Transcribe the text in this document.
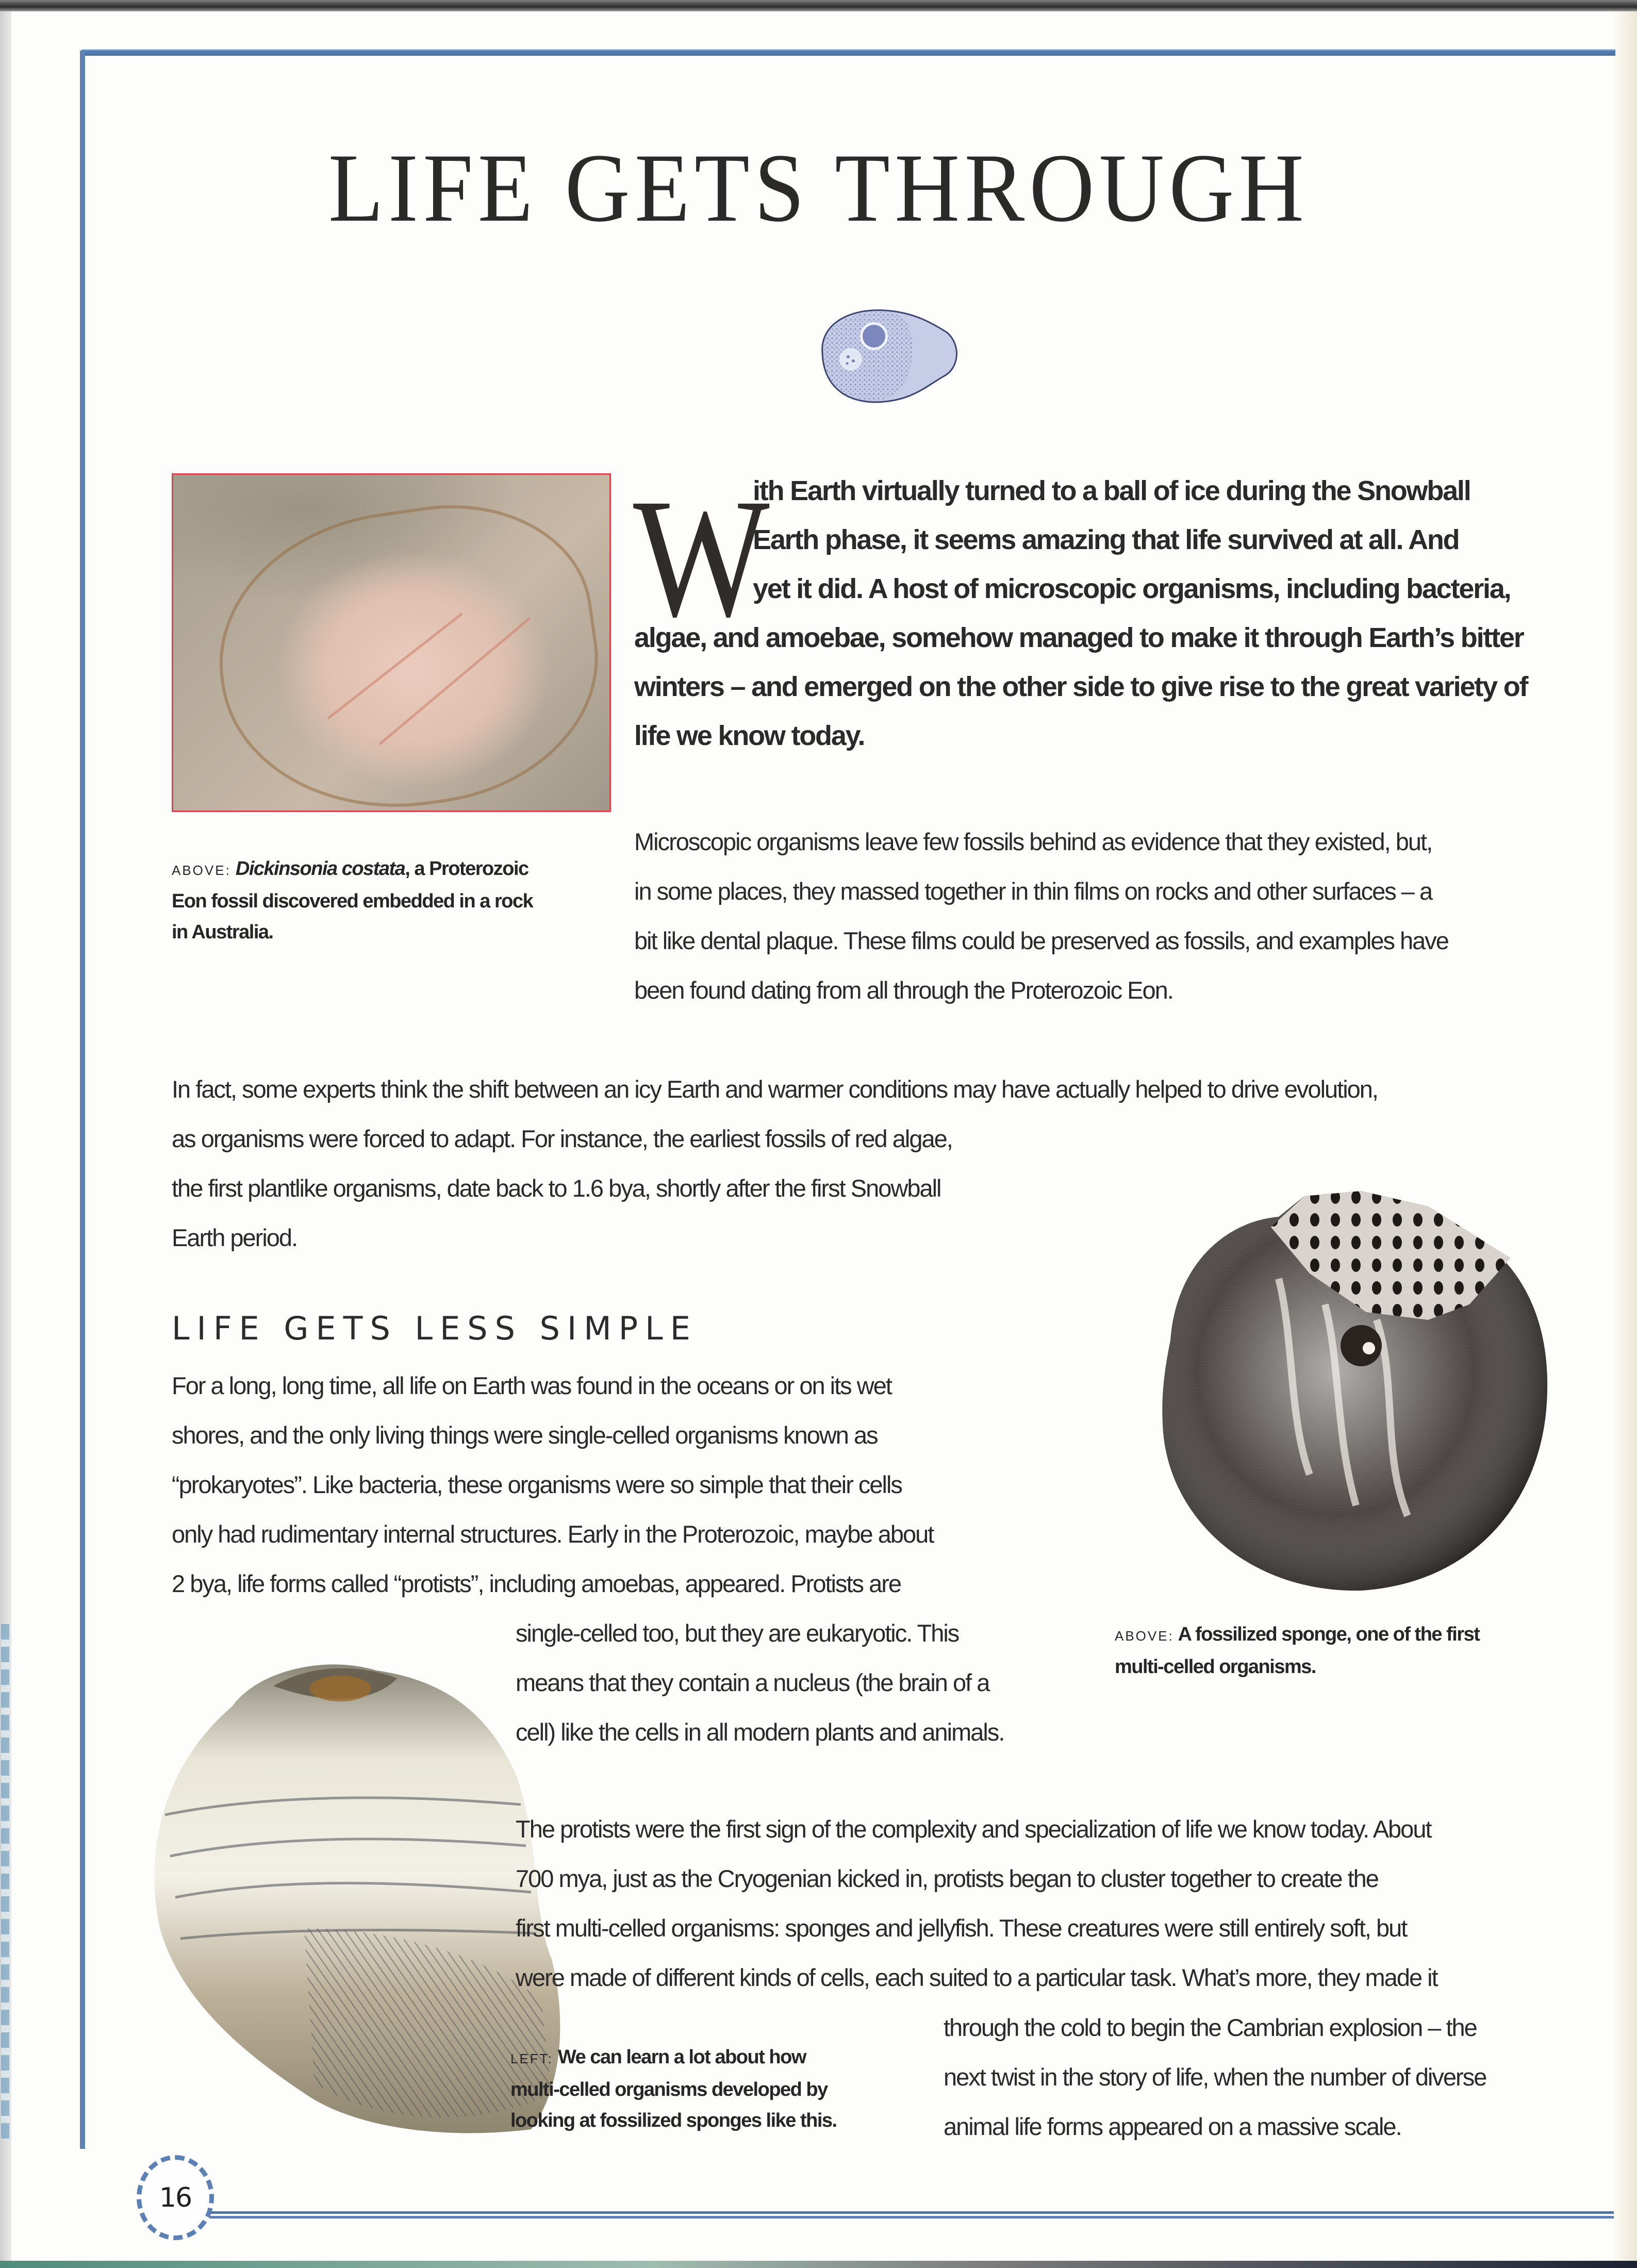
LIFE GETS THROUGH
ABOVE: Dickinsonia costata, a Proterozoic
Eon fossil discovered embedded in a rock
in Australia.
W
ith Earth virtually turned to a ball of ice during the Snowball
Earth phase, it seems amazing that life survived at all. And
yet it did. A host of microscopic organisms, including bacteria,
algae, and amoebae, somehow managed to make it through Earth’s bitter
winters – and emerged on the other side to give rise to the great variety of
life we know today.
Microscopic organisms leave few fossils behind as evidence that they existed, but,
in some places, they massed together in thin films on rocks and other surfaces – a
bit like dental plaque. These films could be preserved as fossils, and examples have
been found dating from all through the Proterozoic Eon.
In fact, some experts think the shift between an icy Earth and warmer conditions may have actually helped to drive evolution,
as organisms were forced to adapt. For instance, the earliest fossils of red algae,
the first plantlike organisms, date back to 1.6 bya, shortly after the first Snowball
Earth period.
LIFE GETS LESS SIMPLE
For a long, long time, all life on Earth was found in the oceans or on its wet
shores, and the only living things were single-celled organisms known as
“prokaryotes”. Like bacteria, these organisms were so simple that their cells
only had rudimentary internal structures. Early in the Proterozoic, maybe about
2 bya, life forms called “protists”, including amoebas, appeared. Protists are
single-celled too, but they are eukaryotic. This
means that they contain a nucleus (the brain of a
cell) like the cells in all modern plants and animals.
ABOVE: A fossilized sponge, one of the first
multi-celled organisms.
LEFT: We can learn a lot about how
multi-celled organisms developed by
looking at fossilized sponges like this.
The protists were the first sign of the complexity and specialization of life we know today. About
700 mya, just as the Cryogenian kicked in, protists began to cluster together to create the
first multi-celled organisms: sponges and jellyfish. These creatures were still entirely soft, but
were made of different kinds of cells, each suited to a particular task. What’s more, they made it
through the cold to begin the Cambrian explosion – the
next twist in the story of life, when the number of diverse
animal life forms appeared on a massive scale.
16
